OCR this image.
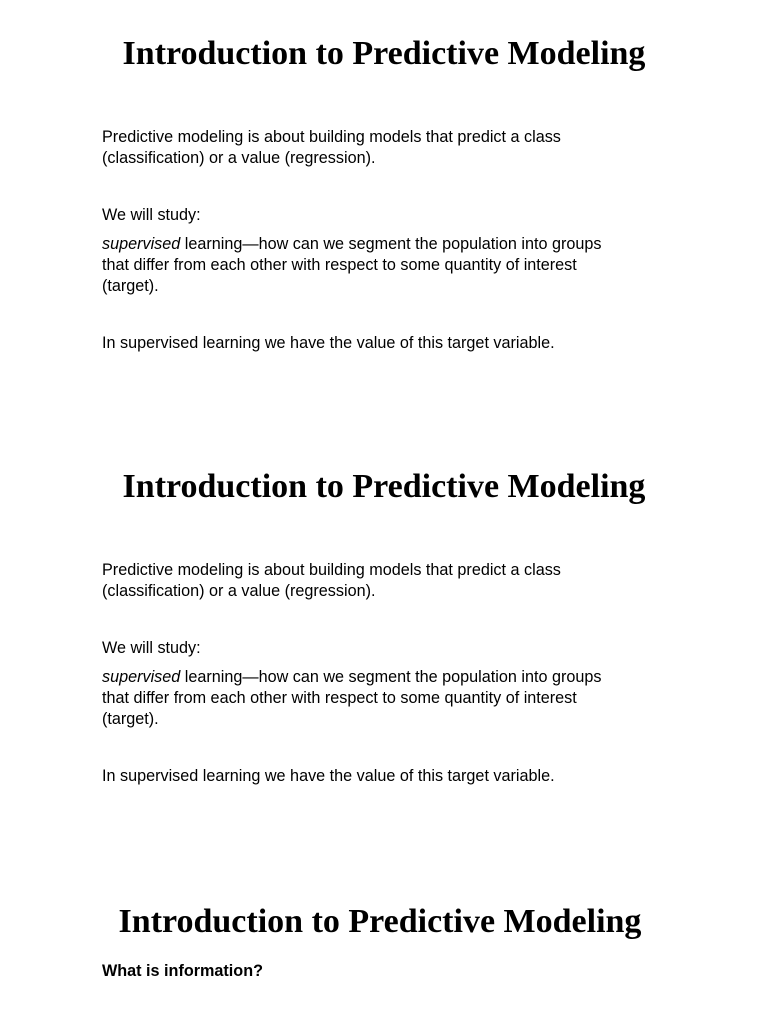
Introduction to Predictive Modeling

Predictive modeling is about building models that predict a class
(classification) or a value (regression).

We will study:

supervised learning—how can we segment the population into groups
that differ from each other with respect to some quantity of interest
(target).

In supervised learning we have the value of this target variable.

Introduction to Predictive Modeling

Predictive modeling is about building models that predict a class
(classification) or a value (regression).

We will study:

supervised learning—how can we segment the population into groups
that differ from each other with respect to some quantity of interest
(target).

In supervised learning we have the value of this target variable.

Introduction to Predictive Modeling

What is information?
